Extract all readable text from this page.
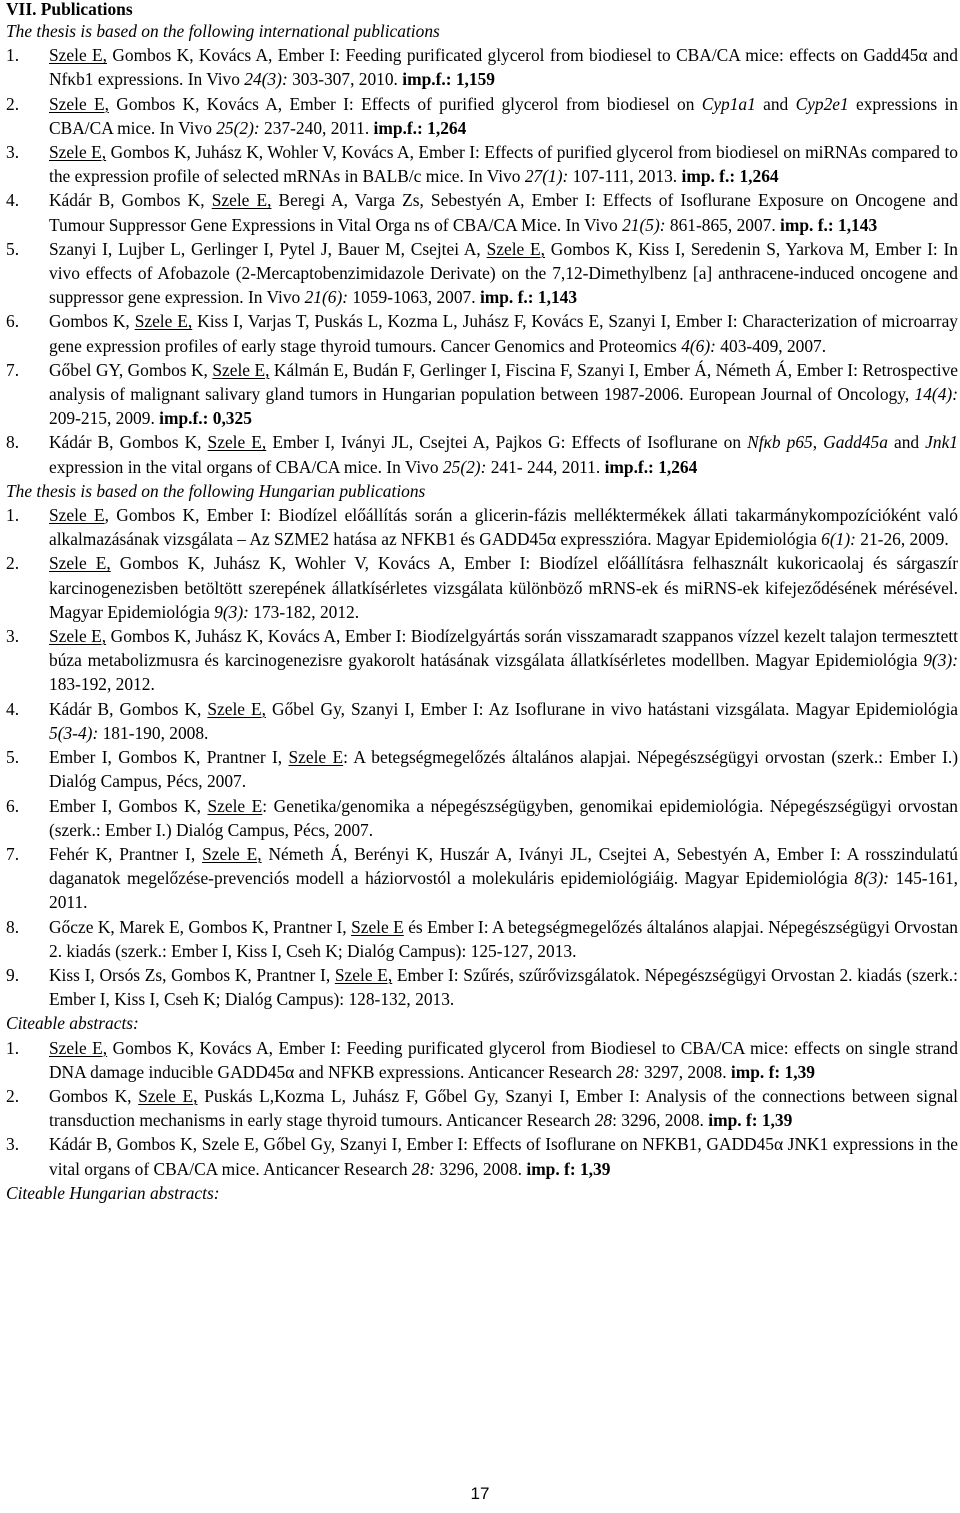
VII. Publications
The thesis is based on the following international publications
1.	Szele E, Gombos K, Kovács A, Ember I: Feeding purificated glycerol from biodiesel to CBA/CA mice: effects on Gadd45α and Nfκb1 expressions. In Vivo 24(3): 303-307, 2010. imp.f.: 1,159
2.	Szele E, Gombos K, Kovács A, Ember I: Effects of purified glycerol from biodiesel on Cyp1a1 and Cyp2e1 expressions in CBA/CA mice. In Vivo 25(2): 237-240, 2011. imp.f.: 1,264
3.	Szele E, Gombos K, Juhász K, Wohler V, Kovács A, Ember I: Effects of purified glycerol from biodiesel on miRNAs compared to the expression profile of selected mRNAs in BALB/c mice. In Vivo 27(1): 107-111, 2013. imp. f.: 1,264
4.	Kádár B, Gombos K, Szele E, Beregi A, Varga Zs, Sebestyén A, Ember I: Effects of Isoflurane Exposure on Oncogene and Tumour Suppressor Gene Expressions in Vital Orga ns of CBA/CA Mice. In Vivo 21(5): 861-865, 2007. imp. f.: 1,143
5.	Szanyi I, Lujber L, Gerlinger I, Pytel J, Bauer M, Csejtei A, Szele E, Gombos K, Kiss I, Seredenin S, Yarkova M, Ember I: In vivo effects of Afobazole (2-Mercaptobenzimidazole Derivate) on the 7,12-Dimethylbenz [a] anthracene-induced oncogene and suppressor gene expression. In Vivo 21(6): 1059-1063, 2007. imp. f.: 1,143
6.	Gombos K, Szele E, Kiss I, Varjas T, Puskás L, Kozma L, Juhász F, Kovács E, Szanyi I, Ember I: Characterization of microarray gene expression profiles of early stage thyroid tumours. Cancer Genomics and Proteomics 4(6): 403-409, 2007.
7.	Gőbel GY, Gombos K, Szele E, Kálmán E, Budán F, Gerlinger I, Fiscina F, Szanyi I, Ember Á, Németh Á, Ember I: Retrospective analysis of malignant salivary gland tumors in Hungarian population between 1987-2006. European Journal of Oncology, 14(4): 209-215, 2009. imp.f.: 0,325
8.	Kádár B, Gombos K, Szele E, Ember I, Iványi JL, Csejtei A, Pajkos G: Effects of Isoflurane on Nfκb p65, Gadd45a and Jnk1 expression in the vital organs of CBA/CA mice. In Vivo 25(2): 241- 244, 2011. imp.f.: 1,264
The thesis is based on the following Hungarian publications
1.	Szele E, Gombos K, Ember I: Biodízel előállítás során a glicerin-fázis melléktermékek állati takarmánykompozícióként való alkalmazásának vizsgálata – Az SZME2 hatása az NFKB1 és GADD45α expresszióra. Magyar Epidemiológia 6(1): 21-26, 2009.
2.	Szele E, Gombos K, Juhász K, Wohler V, Kovács A, Ember I: Biodízel előállításra felhasznált kukoricaolaj és sárgaszír karcinogenezisben betöltött szerepének állatkísérletes vizsgálata különböző mRNS-ek és miRNS-ek kifejeződésének mérésével. Magyar Epidemiológia 9(3): 173-182, 2012.
3.	Szele E, Gombos K, Juhász K, Kovács A, Ember I: Biodízelgyártás során visszamaradt szappanos vízzel kezelt talajon termesztett búza metabolizmusra és karcinogenezisre gyakorolt hatásának vizsgálata állatkísérletes modellben. Magyar Epidemiológia 9(3): 183-192, 2012.
4.	Kádár B, Gombos K, Szele E, Gőbel Gy, Szanyi I, Ember I: Az Isoflurane in vivo hatástani vizsgálata. Magyar Epidemiológia 5(3-4): 181-190, 2008.
5.	Ember I, Gombos K, Prantner I, Szele E: A betegségmegelőzés általános alapjai. Népegészségügyi orvostan (szerk.: Ember I.) Dialóg Campus, Pécs, 2007.
6.	Ember I, Gombos K, Szele E: Genetika/genomika a népegészségügyben, genomikai epidemiológia. Népegészségügyi orvostan (szerk.: Ember I.) Dialóg Campus, Pécs, 2007.
7.	Fehér K, Prantner I, Szele E, Németh Á, Berényi K, Huszár A, Iványi JL, Csejtei A, Sebestyén A, Ember I: A rosszindulatú daganatok megelőzése-prevenciós modell a háziorvostól a molekuláris epidemiológiáig. Magyar Epidemiológia 8(3): 145-161, 2011.
8.	Gőcze K, Marek E, Gombos K, Prantner I, Szele E és Ember I: A betegségmegelőzés általános alapjai. Népegészségügyi Orvostan 2. kiadás (szerk.: Ember I, Kiss I, Cseh K; Dialóg Campus): 125-127, 2013.
9.	Kiss I, Orsós Zs, Gombos K, Prantner I, Szele E, Ember I: Szűrés, szűrővizsgálatok. Népegészségügyi Orvostan 2. kiadás (szerk.: Ember I, Kiss I, Cseh K; Dialóg Campus): 128-132, 2013.
Citeable abstracts:
1.	Szele E, Gombos K, Kovács A, Ember I: Feeding purificated glycerol from Biodiesel to CBA/CA mice: effects on single strand DNA damage inducible GADD45α and NFKB expressions. Anticancer Research 28: 3297, 2008. imp. f: 1,39
2.	Gombos K, Szele E, Puskás L,Kozma L, Juhász F, Gőbel Gy, Szanyi I, Ember I: Analysis of the connections between signal transduction mechanisms in early stage thyroid tumours. Anticancer Research 28: 3296, 2008. imp. f: 1,39
3.	Kádár B, Gombos K, Szele E, Gőbel Gy, Szanyi I, Ember I: Effects of Isoflurane on NFKB1, GADD45α JNK1 expressions in the vital organs of CBA/CA mice. Anticancer Research 28: 3296, 2008. imp. f: 1,39
Citeable Hungarian abstracts:
17
